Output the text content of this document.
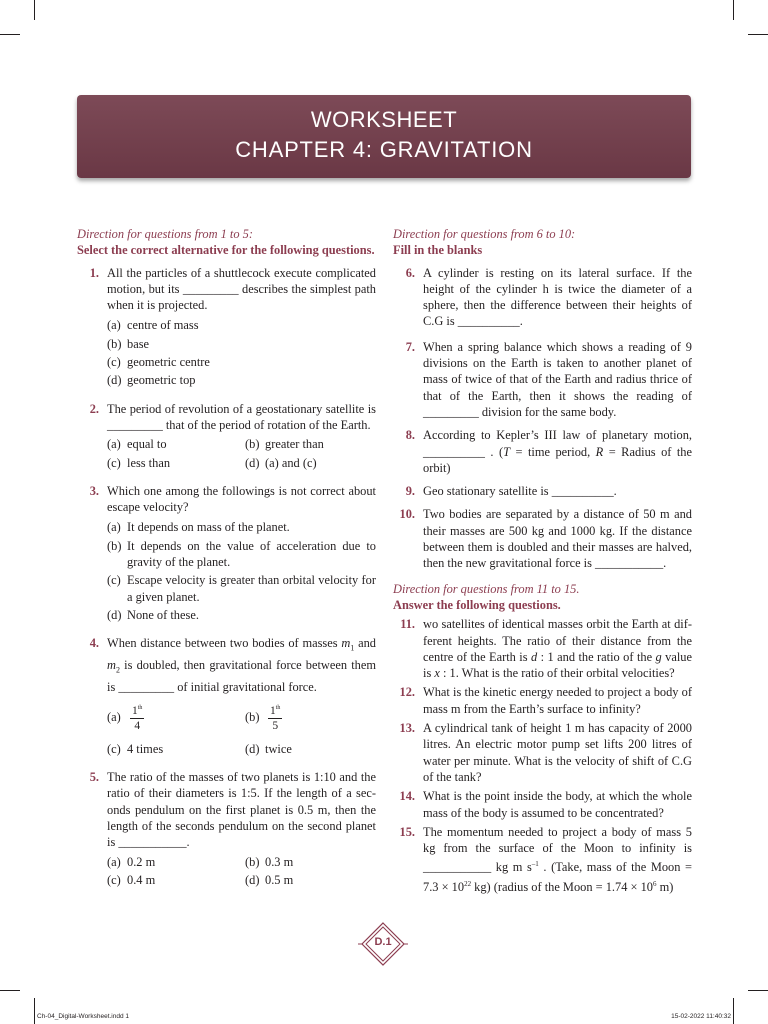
WORKSHEET
CHAPTER 4: GRAVITATION
Direction for questions from 1 to 5:
Select the correct alternative for the following questions.
1. All the particles of a shuttlecock execute complicated motion, but its _________ describes the simplest path when it is projected.
(a) centre of mass
(b) base
(c) geometric centre
(d) geometric top
2. The period of revolution of a geostationary satellite is _________ that of the period of rotation of the Earth.
(a) equal to	(b) greater than
(c) less than	(d) (a) and (c)
3. Which one among the followings is not correct about escape velocity?
(a) It depends on mass of the planet.
(b) It depends on the value of acceleration due to gravity of the planet.
(c) Escape velocity is greater than orbital velocity for a given planet.
(d) None of these.
4. When distance between two bodies of masses $m_1$ and $m_2$ is doubled, then gravitational force between them is _________ of initial gravitational force.
$(a) \frac{1^{th}}{4}$	$(b) \frac{1^{th}}{5}$
(c) 4 times	(d) twice
5. The ratio of the masses of two planets is 1:10 and the ratio of their diameters is 1:5. If the length of a sec-onds pendulum on the first planet is 0.5 m, then the length of the seconds pendulum on the second planet is ___________.
(a) 0.2 m	(b) 0.3 m
(c) 0.4 m	(d) 0.5 m
Direction for questions from 6 to 10:
Fill in the blanks
6. A cylinder is resting on its lateral surface. If the height of the cylinder h is twice the diameter of a sphere, then the difference between their heights of C.G is __________.
7. When a spring balance which shows a reading of 9 divisions on the Earth is taken to another planet of mass of twice of that of the Earth and radius thrice of that of the Earth, then it shows the reading of _________ division for the same body.
8. According to Kepler’s III law of planetary motion, __________ . (T = time period, R = Radius of the orbit)
9. Geo stationary satellite is __________.
10. Two bodies are separated by a distance of 50 m and their masses are 500 kg and 1000 kg. If the distance between them is doubled and their masses are halved, then the new gravitational force is ___________.
Direction for questions from 11 to 15.
Answer the following questions.
11. wo satellites of identical masses orbit the Earth at dif-ferent heights. The ratio of their distance from the centre of the Earth is d : 1 and the ratio of the g value is x : 1. What is the ratio of their orbital velocities?
12. What is the kinetic energy needed to project a body of mass m from the Earth’s surface to infinity?
13. A cylindrical tank of height 1 m has capacity of 2000 litres. An electric motor pump set lifts 200 litres of water per minute. What is the velocity of shift of C.G of the tank?
14. What is the point inside the body, at which the whole mass of the body is assumed to be concentrated?
15. The momentum needed to project a body of mass 5 kg from the surface of the Moon to infinity is ___________ kg m $s^{-1}$ . (Take, mass of the Moon = $7.3 \times 10^{22}$ kg) (radius of the Moon = $1.74 \times 10^6$ m)
D.1
Ch-04_Digital-Worksheet.indd 1	15-02-2022 11:40:32
